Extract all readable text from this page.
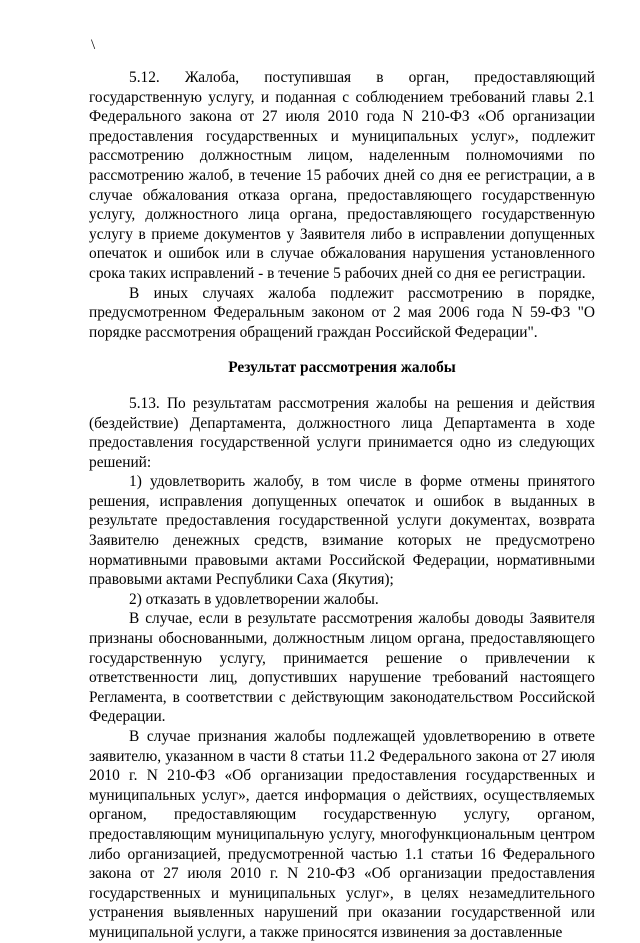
\

5.12. Жалоба, поступившая в орган, предоставляющий государственную услугу, и поданная с соблюдением требований главы 2.1 Федерального закона от 27 июля 2010 года N 210-ФЗ «Об организации предоставления государственных и муниципальных услуг», подлежит рассмотрению должностным лицом, наделенным полномочиями по рассмотрению жалоб, в течение 15 рабочих дней со дня ее регистрации, а в случае обжалования отказа органа, предоставляющего государственную услугу, должностного лица органа, предоставляющего государственную услугу в приеме документов у Заявителя либо в исправлении допущенных опечаток и ошибок или в случае обжалования нарушения установленного срока таких исправлений - в течение 5 рабочих дней со дня ее регистрации.

В иных случаях жалоба подлежит рассмотрению в порядке, предусмотренном Федеральным законом от 2 мая 2006 года N 59-ФЗ "О порядке рассмотрения обращений граждан Российской Федерации".

Результат рассмотрения жалобы

5.13. По результатам рассмотрения жалобы на решения и действия (бездействие) Департамента, должностного лица Департамента в ходе предоставления государственной услуги принимается одно из следующих решений:

1) удовлетворить жалобу, в том числе в форме отмены принятого решения, исправления допущенных опечаток и ошибок в выданных в результате предоставления государственной услуги документах, возврата Заявителю денежных средств, взимание которых не предусмотрено нормативными правовыми актами Российской Федерации, нормативными правовыми актами Республики Саха (Якутия);

2) отказать в удовлетворении жалобы.

В случае, если в результате рассмотрения жалобы доводы Заявителя признаны обоснованными, должностным лицом органа, предоставляющего государственную услугу, принимается решение о привлечении к ответственности лиц, допустивших нарушение требований настоящего Регламента, в соответствии с действующим законодательством Российской Федерации.

В случае признания жалобы подлежащей удовлетворению в ответе заявителю, указанном в части 8 статьи 11.2 Федерального закона от 27 июля 2010 г. N 210-ФЗ «Об организации предоставления государственных и муниципальных услуг», дается информация о действиях, осуществляемых органом, предоставляющим государственную услугу, органом, предоставляющим муниципальную услугу, многофункциональным центром либо организацией, предусмотренной частью 1.1 статьи 16 Федерального закона от 27 июля 2010 г. N 210-ФЗ «Об организации предоставления государственных и муниципальных услуг», в целях незамедлительного устранения выявленных нарушений при оказании государственной или муниципальной услуги, а также приносятся извинения за доставленные
